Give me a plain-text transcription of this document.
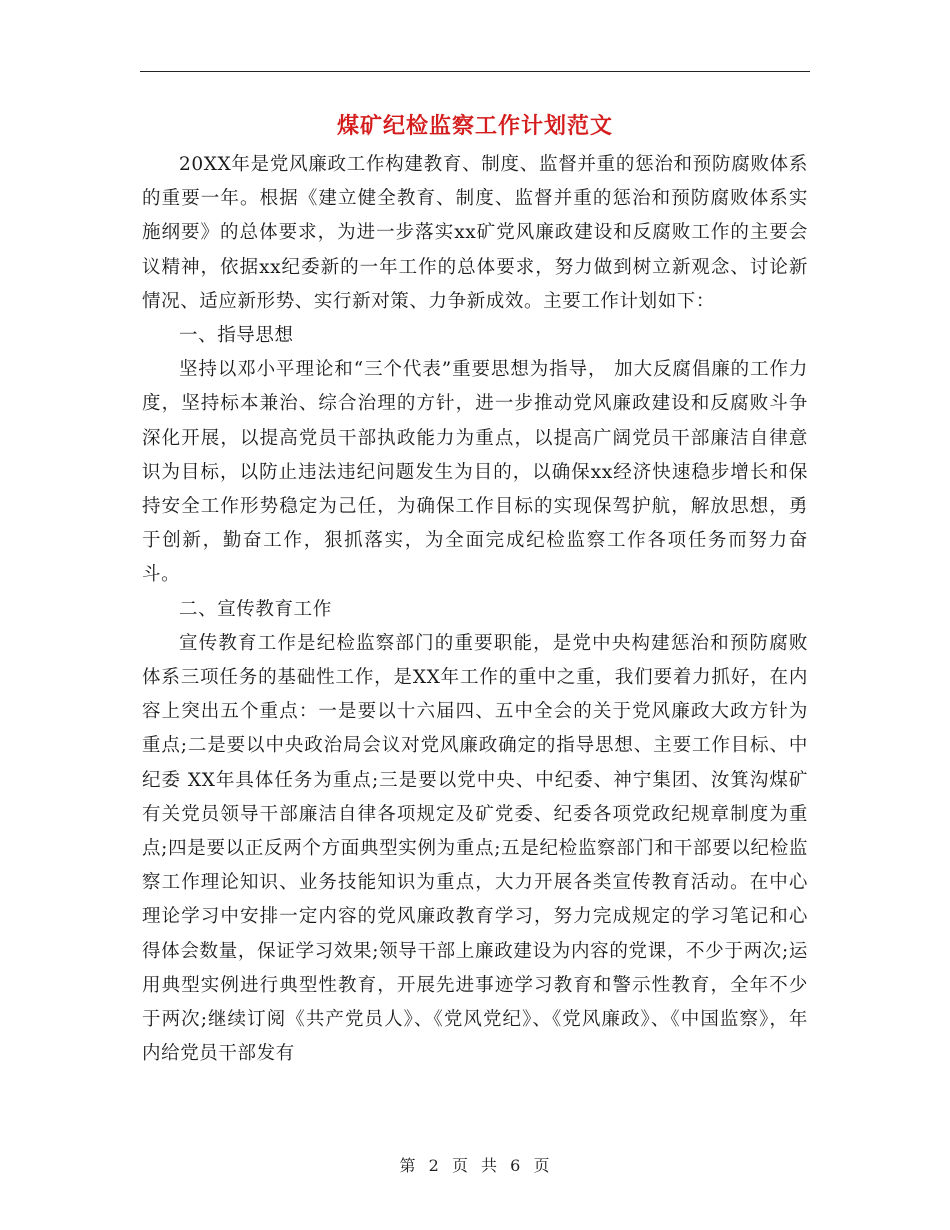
煤矿纪检监察工作计划范文

20XX年是党风廉政工作构建教育、制度、监督并重的惩治和预防腐败体系的重要一年。根据《建立健全教育、制度、监督并重的惩治和预防腐败体系实施纲要》的总体要求，为进一步落实xx矿党风廉政建设和反腐败工作的主要会议精神，依据xx纪委新的一年工作的总体要求，努力做到树立新观念、讨论新情况、适应新形势、实行新对策、力争新成效。主要工作计划如下：

一、指导思想

坚持以邓小平理论和“三个代表”重要思想为指导， 加大反腐倡廉的工作力度，坚持标本兼治、综合治理的方针，进一步推动党风廉政建设和反腐败斗争深化开展，以提高党员干部执政能力为重点，以提高广阔党员干部廉洁自律意识为目标，以防止违法违纪问题发生为目的，以确保xx经济快速稳步增长和保持安全工作形势稳定为己任，为确保工作目标的实现保驾护航，解放思想，勇于创新，勤奋工作，狠抓落实，为全面完成纪检监察工作各项任务而努力奋斗。

二、宣传教育工作

宣传教育工作是纪检监察部门的重要职能，是党中央构建惩治和预防腐败体系三项任务的基础性工作，是XX年工作的重中之重，我们要着力抓好，在内容上突出五个重点：一是要以十六届四、五中全会的关于党风廉政大政方针为重点;二是要以中央政治局会议对党风廉政确定的指导思想、主要工作目标、中纪委 XX年具体任务为重点;三是要以党中央、中纪委、神宁集团、汝箕沟煤矿有关党员领导干部廉洁自律各项规定及矿党委、纪委各项党政纪规章制度为重点;四是要以正反两个方面典型实例为重点;五是纪检监察部门和干部要以纪检监察工作理论知识、业务技能知识为重点，大力开展各类宣传教育活动。在中心理论学习中安排一定内容的党风廉政教育学习，努力完成规定的学习笔记和心得体会数量，保证学习效果;领导干部上廉政建设为内容的党课，不少于两次;运用典型实例进行典型性教育，开展先进事迹学习教育和警示性教育，全年不少于两次;继续订阅《共产党员人》、《党风党纪》、《党风廉政》、《中国监察》，年内给党员干部发有

第 2 页 共 6 页
